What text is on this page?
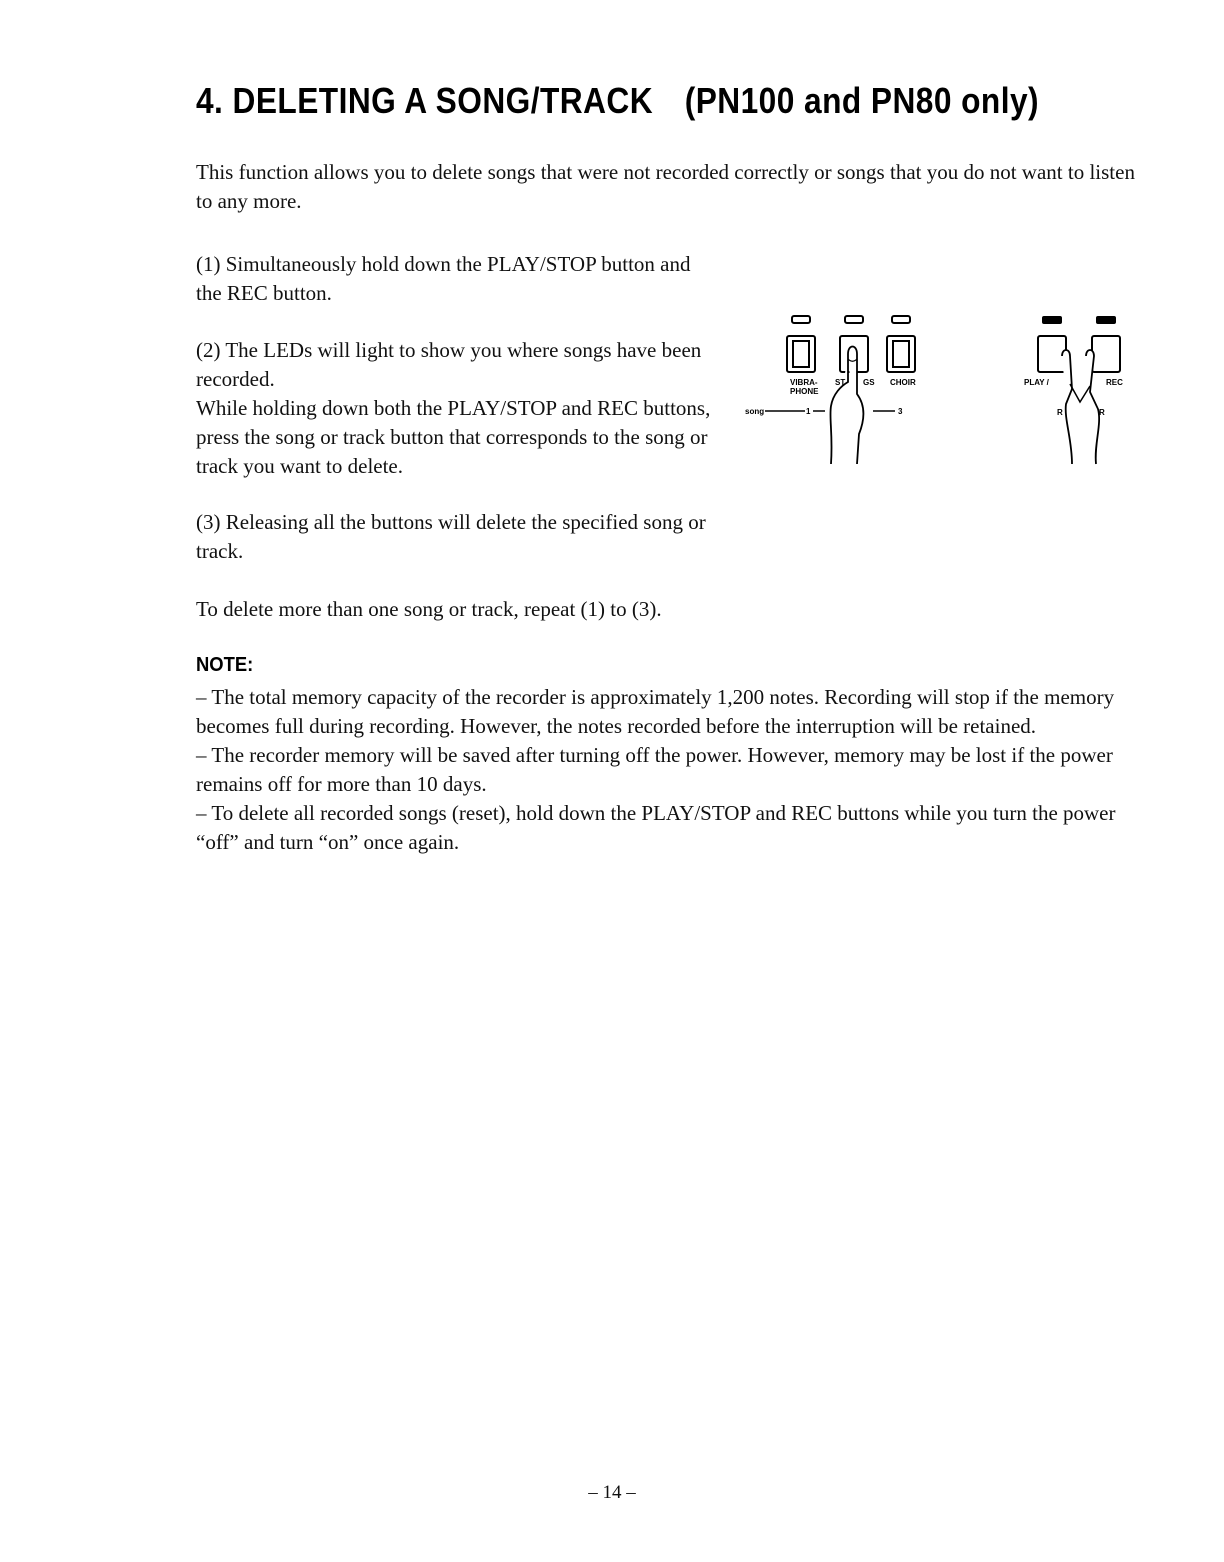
4. DELETING A SONG/TRACK (PN100 and PN80 only)

This function allows you to delete songs that were not recorded correctly or songs that you do not want to listen to any more.

(1) Simultaneously hold down the PLAY/STOP button and the REC button.

(2) The LEDs will light to show you where songs have been recorded.
While holding down both the PLAY/STOP and REC buttons, press the song or track button that corresponds to the song or track you want to delete.

(3) Releasing all the buttons will delete the specified song or track.

To delete more than one song or track, repeat (1) to (3).

NOTE:

– The total memory capacity of the recorder is approximately 1,200 notes. Recording will stop if the memory becomes full during recording. However, the notes recorded before the interruption will be retained.

– The recorder memory will be saved after turning off the power. However, memory may be lost if the power remains off for more than 10 days.

– To delete all recorded songs (reset), hold down the PLAY/STOP and REC buttons while you turn the power “off” and turn “on” once again.

VIBRA-
PHONE
ST GS CHOIR
song	1	3
PLAY /	REC
R	R
– 14 –
